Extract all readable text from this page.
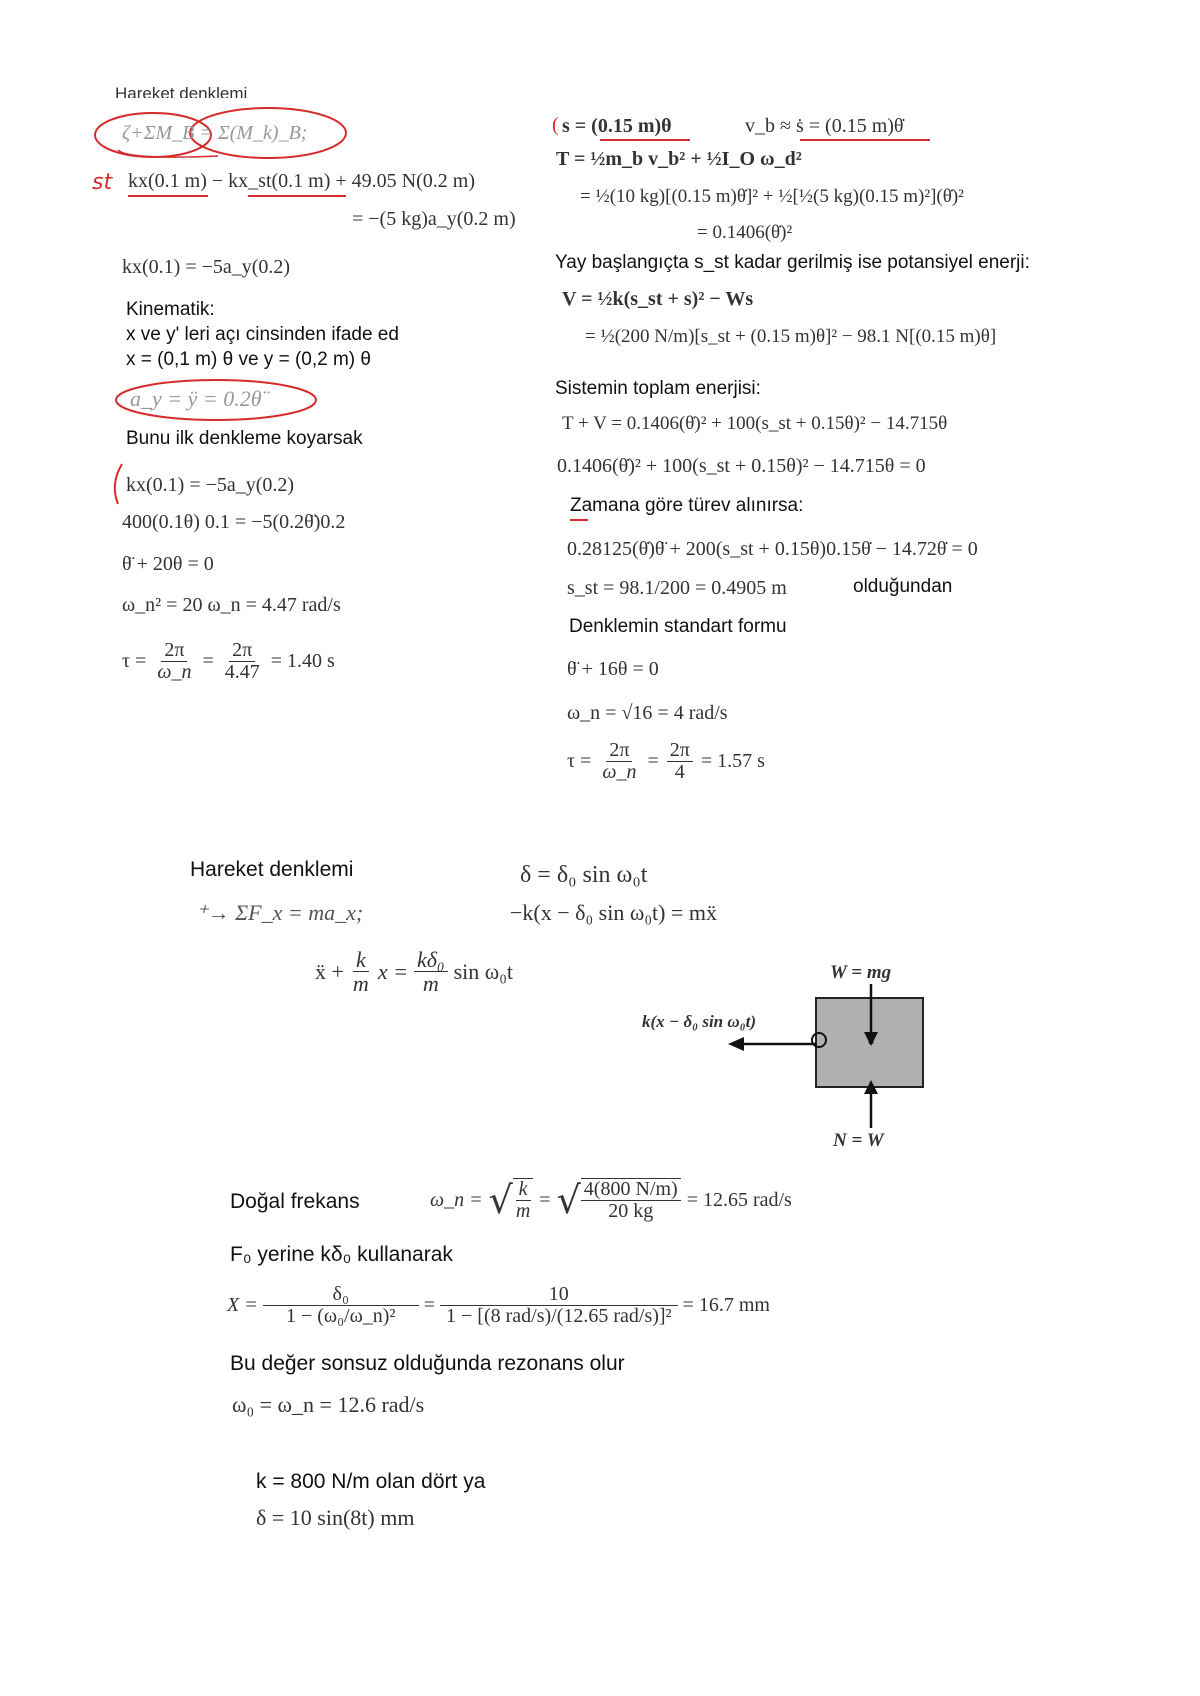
Hareket denklemi
ζ+ΣM_B = Σ(M_k)_B;
st kx(0.1 m) − kx_st(0.1 m) + 49.05 N(0.2 m)
= −(5 kg)a_y(0.2 m)
kx(0.1) = −5a_y(0.2)
Kinematik:
x ve y' leri açı cinsinden ifade ed
x = (0,1 m) θ ve y = (0,2 m) θ
a_y = ÿ = 0.2θ̈
Bunu ilk denkleme koyarsak
kx(0.1) = −5a_y(0.2)
400(0.1θ) 0.1 = −5(0.2θ̈)0.2
θ̈ + 20θ = 0
ω_n² = 20 ω_n = 4.47 rad/s
$\tau = \frac{2\pi}{\omega\_n} = \frac{2\pi}{4.47} = 1.40$ s
( s = (0.15 m)θ	v_b ≈ ṡ = (0.15 m)θ̇
T = ½m_b v_b² + ½I_O ω_d²
= ½(10 kg)[(0.15 m)θ̇]² + ½[½(5 kg)(0.15 m)²](θ̇)²
= 0.1406(θ̇)²
Yay başlangıçta s_st kadar gerilmiş ise potansiyel enerji:
V = ½k(s_st + s)² − Ws
= ½(200 N/m)[s_st + (0.15 m)θ]² − 98.1 N[(0.15 m)θ]
Sistemin toplam enerjisi:
T + V = 0.1406(θ̇)² + 100(s_st + 0.15θ)² − 14.715θ
0.1406(θ̇)² + 100(s_st + 0.15θ)² − 14.715θ = 0
Zamana göre türev alınırsa:
0.28125(θ̇)θ̈ + 200(s_st + 0.15θ)0.15θ̇ − 14.72θ̇ = 0
s_st = 98.1/200 = 0.4905 m	olduğundan
Denklemin standart formu
θ̈ + 16θ = 0
ω_n = √16 = 4 rad/s
$\tau = \frac{2\pi}{\omega\_n} = \frac{2\pi}{4} = 1.57$ s
Hareket denklemi	δ = δ₀ sin ω₀t
⁺→ ΣF_x = ma_x;	−k(x − δ₀ sin ω₀t) = mẍ
ẍ + $\frac{k}{m}$ $x = \frac{\text{kδ₀}}{m}$ sin ω₀t	W = mg
k(x − δ₀ sin ω₀t)
N = W
Doğal frekans	ω_n = √ $\frac{k}{m}$ = √ $\frac{4(800 N/m)}{20 kg} = 12.65$ rad/s
F₀ yerine kδ₀ kullanarak
$X = \frac{\text{δ₀}}{\text{1 − (ω₀/ω\_n)²}} = \frac{10}{\text{1 − [(8 rad/s)/(12.65 rad/s)]²}} = 16.7$ mm
Bu değer sonsuz olduğunda rezonans olur
ω₀ = ω_n = 12.6 rad/s
k = 800 N/m olan dört ya
δ = 10 sin(8t) mm
